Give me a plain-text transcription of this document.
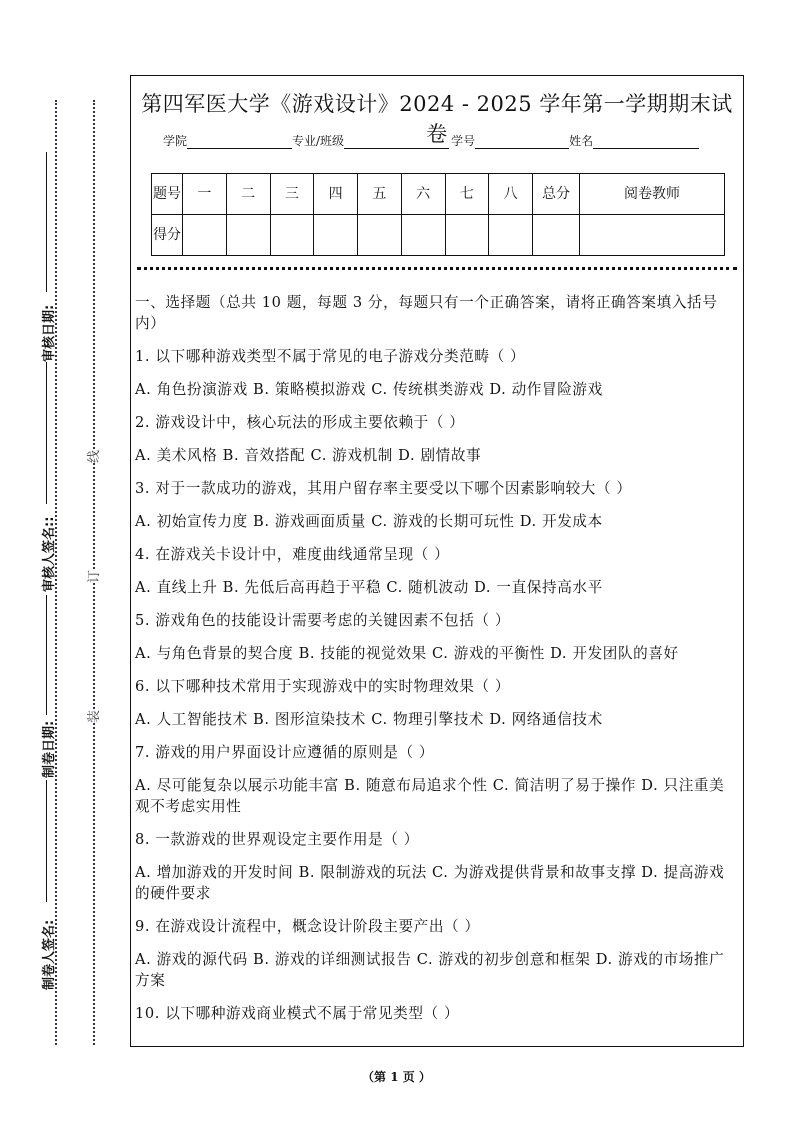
线
订
装
审核日期:
审核人签名::
制卷日期:
制卷人签名:
第四军医大学《游戏设计》2024 - 2025 学年第一学期期末试卷
学院	专业/班级	学号	姓名
题号	一	二	三	四	五	六	七	八	总分	阅卷教师
得分										

一、选择题（总共 10 题，每题 3 分，每题只有一个正确答案，请将正确答案填入括号内）

1. 以下哪种游戏类型不属于常见的电子游戏分类范畴（ ）

A. 角色扮演游戏 B. 策略模拟游戏 C. 传统棋类游戏 D. 动作冒险游戏

2. 游戏设计中，核心玩法的形成主要依赖于（ ）

A. 美术风格 B. 音效搭配 C. 游戏机制 D. 剧情故事

3. 对于一款成功的游戏，其用户留存率主要受以下哪个因素影响较大（ ）

A. 初始宣传力度 B. 游戏画面质量 C. 游戏的长期可玩性 D. 开发成本

4. 在游戏关卡设计中，难度曲线通常呈现（ ）

A. 直线上升 B. 先低后高再趋于平稳 C. 随机波动 D. 一直保持高水平

5. 游戏角色的技能设计需要考虑的关键因素不包括（ ）

A. 与角色背景的契合度 B. 技能的视觉效果 C. 游戏的平衡性 D. 开发团队的喜好

6. 以下哪种技术常用于实现游戏中的实时物理效果（ ）

A. 人工智能技术 B. 图形渲染技术 C. 物理引擎技术 D. 网络通信技术

7. 游戏的用户界面设计应遵循的原则是（ ）

A. 尽可能复杂以展示功能丰富 B. 随意布局追求个性 C. 简洁明了易于操作 D. 只注重美观不考虑实用性

8. 一款游戏的世界观设定主要作用是（ ）

A. 增加游戏的开发时间 B. 限制游戏的玩法 C. 为游戏提供背景和故事支撑 D. 提高游戏的硬件要求

9. 在游戏设计流程中，概念设计阶段主要产出（ ）

A. 游戏的源代码 B. 游戏的详细测试报告 C. 游戏的初步创意和框架 D. 游戏的市场推广方案

10. 以下哪种游戏商业模式不属于常见类型（ ）

（第 1 页 ）
